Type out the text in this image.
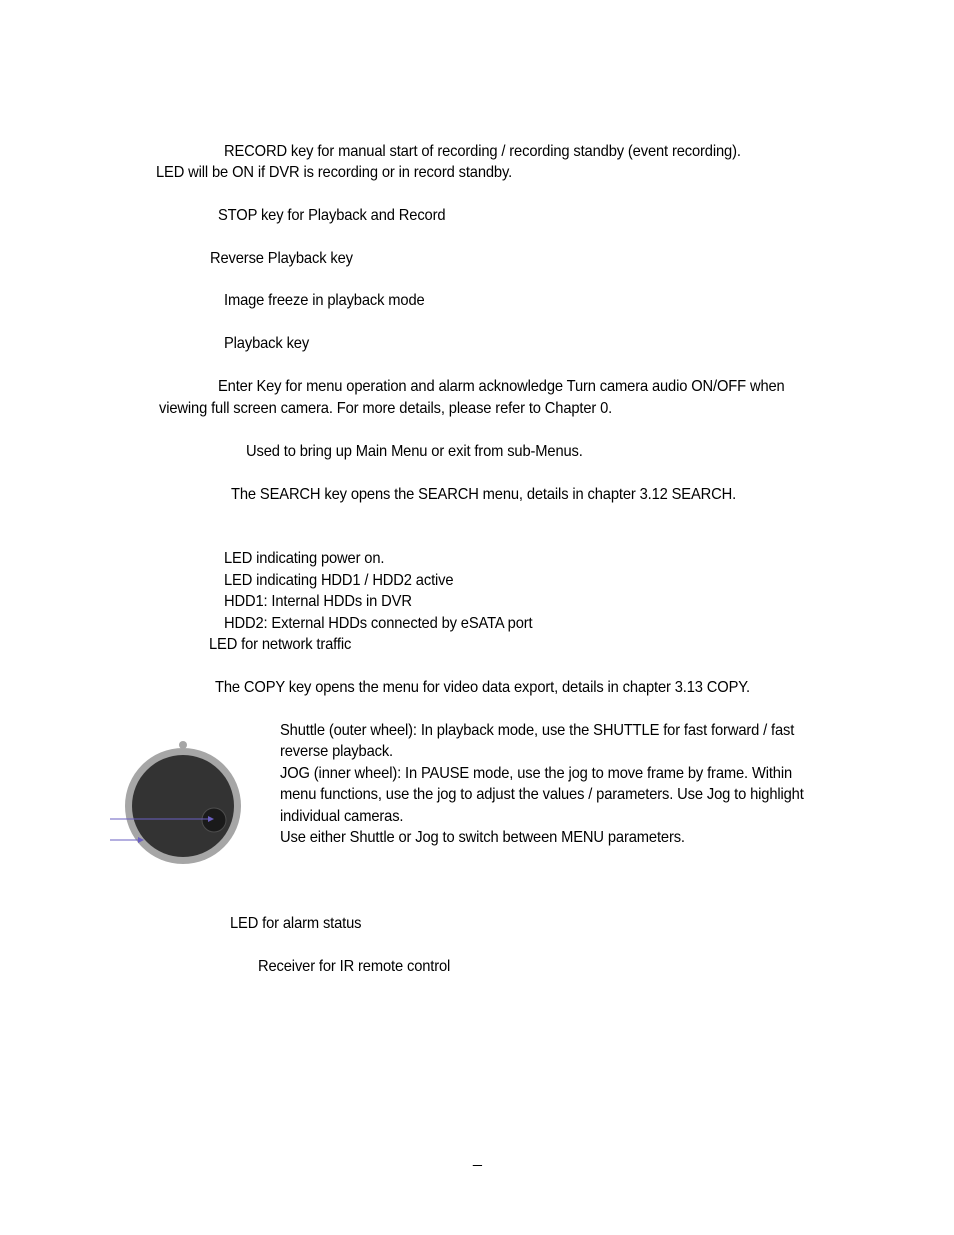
RECORD key for manual start of recording / recording standby (event recording).
LED will be ON if DVR is recording or in record standby.
STOP key for Playback and Record
Reverse Playback key
Image freeze in playback mode
Playback key
Enter Key for menu operation and alarm acknowledge Turn camera audio ON/OFF when
viewing full screen camera. For more details, please refer to Chapter 0.
Used to bring up Main Menu or exit from sub-Menus.
The SEARCH key opens the SEARCH menu, details in chapter 3.12 SEARCH.
LED indicating power on.
LED indicating HDD1 / HDD2 active
HDD1: Internal HDDs in DVR
HDD2: External HDDs connected by eSATA port
LED for network traffic
The COPY key opens the menu for video data export, details in chapter 3.13 COPY.
Shuttle (outer wheel): In playback mode, use the SHUTTLE for fast forward / fast
reverse playback.
JOG (inner wheel): In PAUSE mode, use the jog to move frame by frame. Within
menu functions, use the jog to adjust the values / parameters. Use Jog to highlight
individual cameras.
Use either Shuttle or Jog to switch between MENU parameters.
LED for alarm status
Receiver for IR remote control
_
